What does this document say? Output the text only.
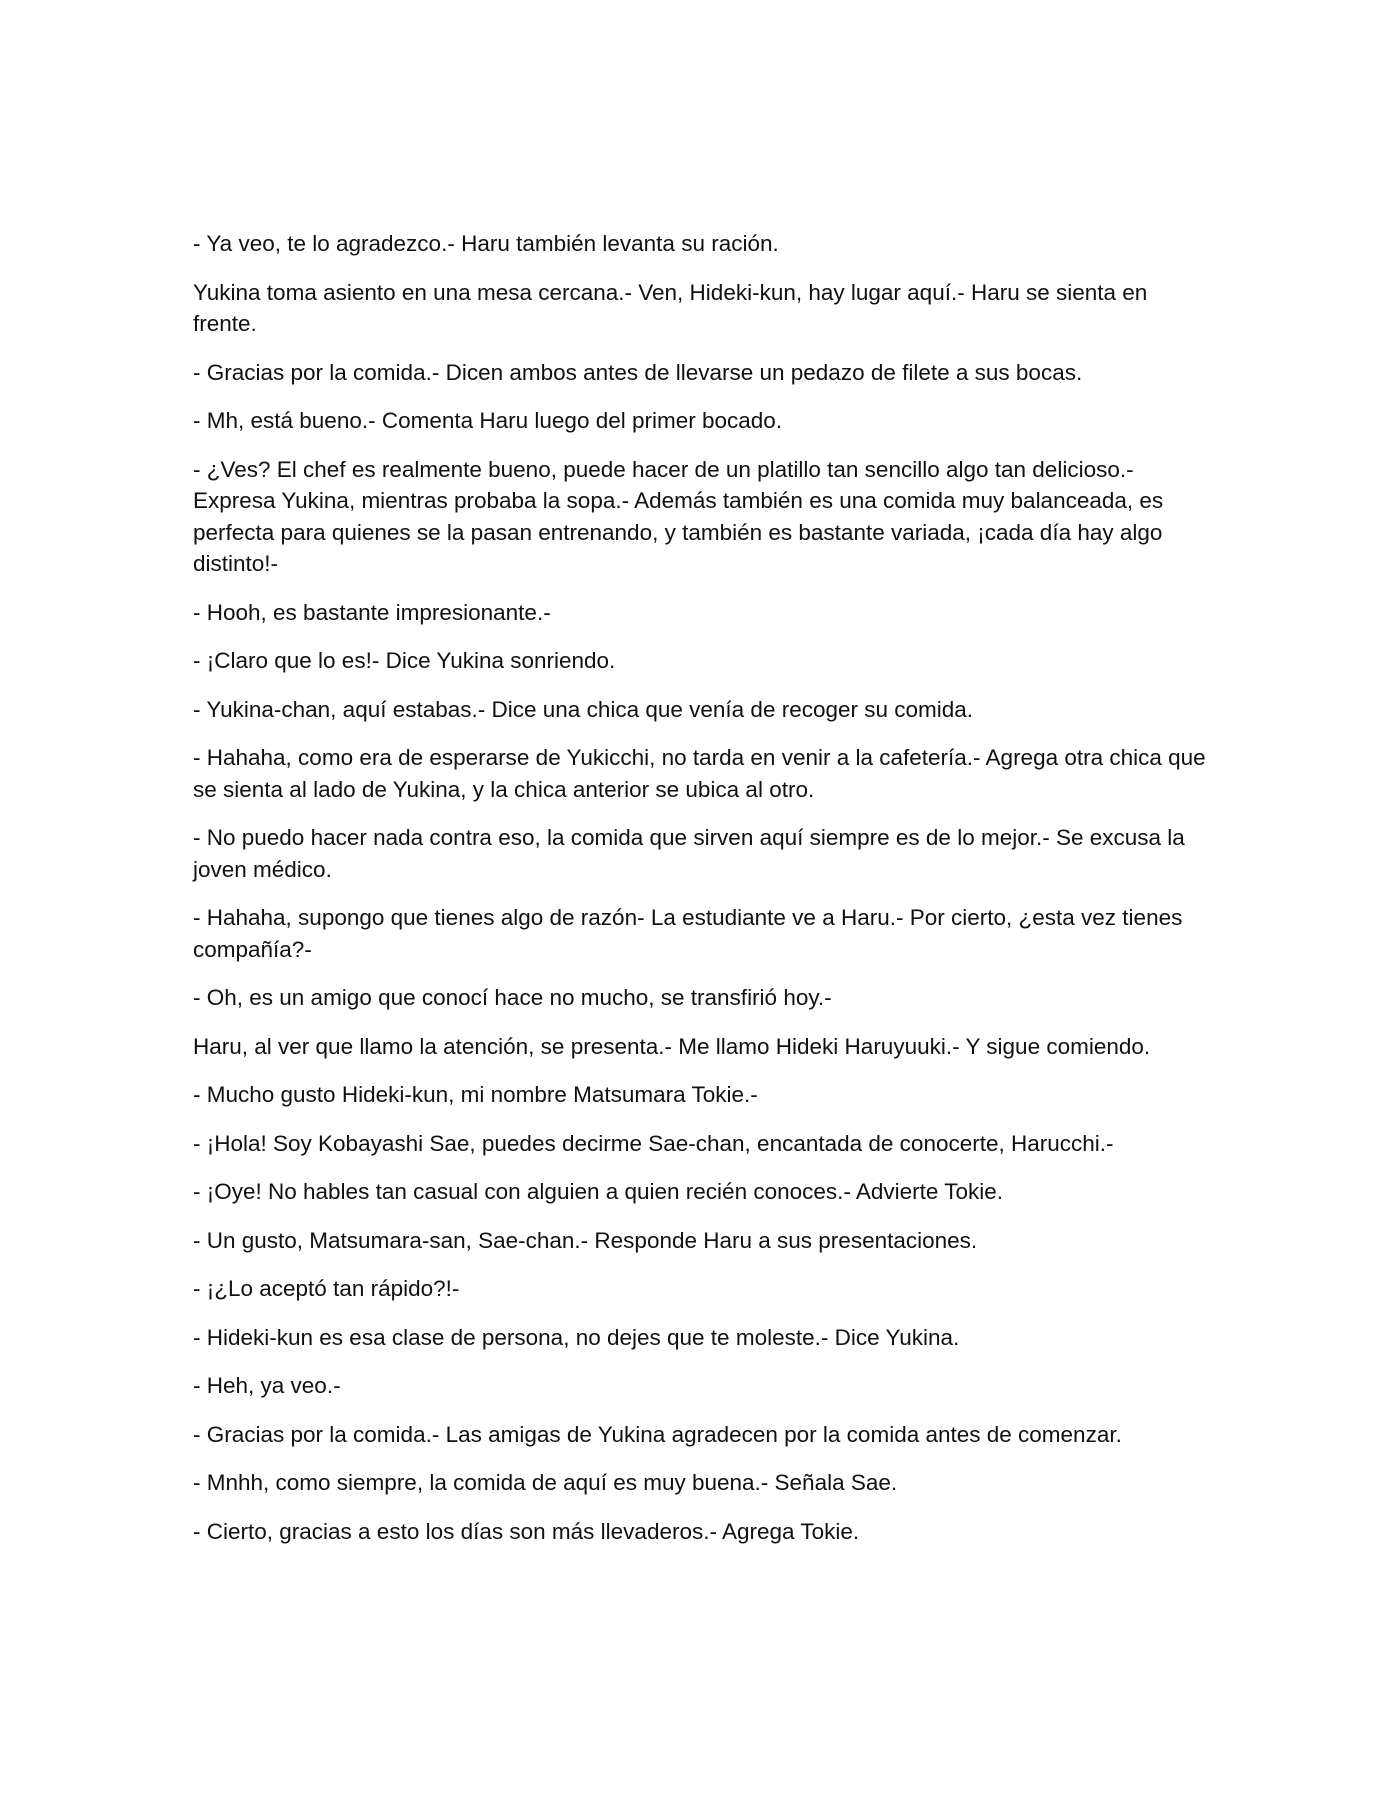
- Ya veo, te lo agradezco.- Haru también levanta su ración.

Yukina toma asiento en una mesa cercana.- Ven, Hideki-kun, hay lugar aquí.- Haru se sienta en frente.

- Gracias por la comida.- Dicen ambos antes de llevarse un pedazo de filete a sus bocas.

- Mh, está bueno.- Comenta Haru luego del primer bocado.

- ¿Ves? El chef es realmente bueno, puede hacer de un platillo tan sencillo algo tan delicioso.- Expresa Yukina, mientras probaba la sopa.- Además también es una comida muy balanceada, es perfecta para quienes se la pasan entrenando, y también es bastante variada, ¡cada día hay algo distinto!-

- Hooh, es bastante impresionante.-

- ¡Claro que lo es!- Dice Yukina sonriendo.

- Yukina-chan, aquí estabas.- Dice una chica que venía de recoger su comida.

- Hahaha, como era de esperarse de Yukicchi, no tarda en venir a la cafetería.- Agrega otra chica que se sienta al lado de Yukina, y la chica anterior se ubica al otro.

- No puedo hacer nada contra eso, la comida que sirven aquí siempre es de lo mejor.- Se excusa la joven médico.

- Hahaha, supongo que tienes algo de razón- La estudiante ve a Haru.- Por cierto, ¿esta vez tienes compañía?-

- Oh, es un amigo que conocí hace no mucho, se transfirió hoy.-

Haru, al ver que llamo la atención, se presenta.- Me llamo Hideki Haruyuuki.- Y sigue comiendo.

- Mucho gusto Hideki-kun, mi nombre Matsumara Tokie.-

- ¡Hola! Soy Kobayashi Sae, puedes decirme Sae-chan, encantada de conocerte, Harucchi.-

- ¡Oye! No hables tan casual con alguien a quien recién conoces.- Advierte Tokie.

- Un gusto, Matsumara-san, Sae-chan.- Responde Haru a sus presentaciones.

- ¡¿Lo aceptó tan rápido?!-

- Hideki-kun es esa clase de persona, no dejes que te moleste.- Dice Yukina.

- Heh, ya veo.-

- Gracias por la comida.- Las amigas de Yukina agradecen por la comida antes de comenzar.

- Mnhh, como siempre, la comida de aquí es muy buena.- Señala Sae.

- Cierto, gracias a esto los días son más llevaderos.- Agrega Tokie.
